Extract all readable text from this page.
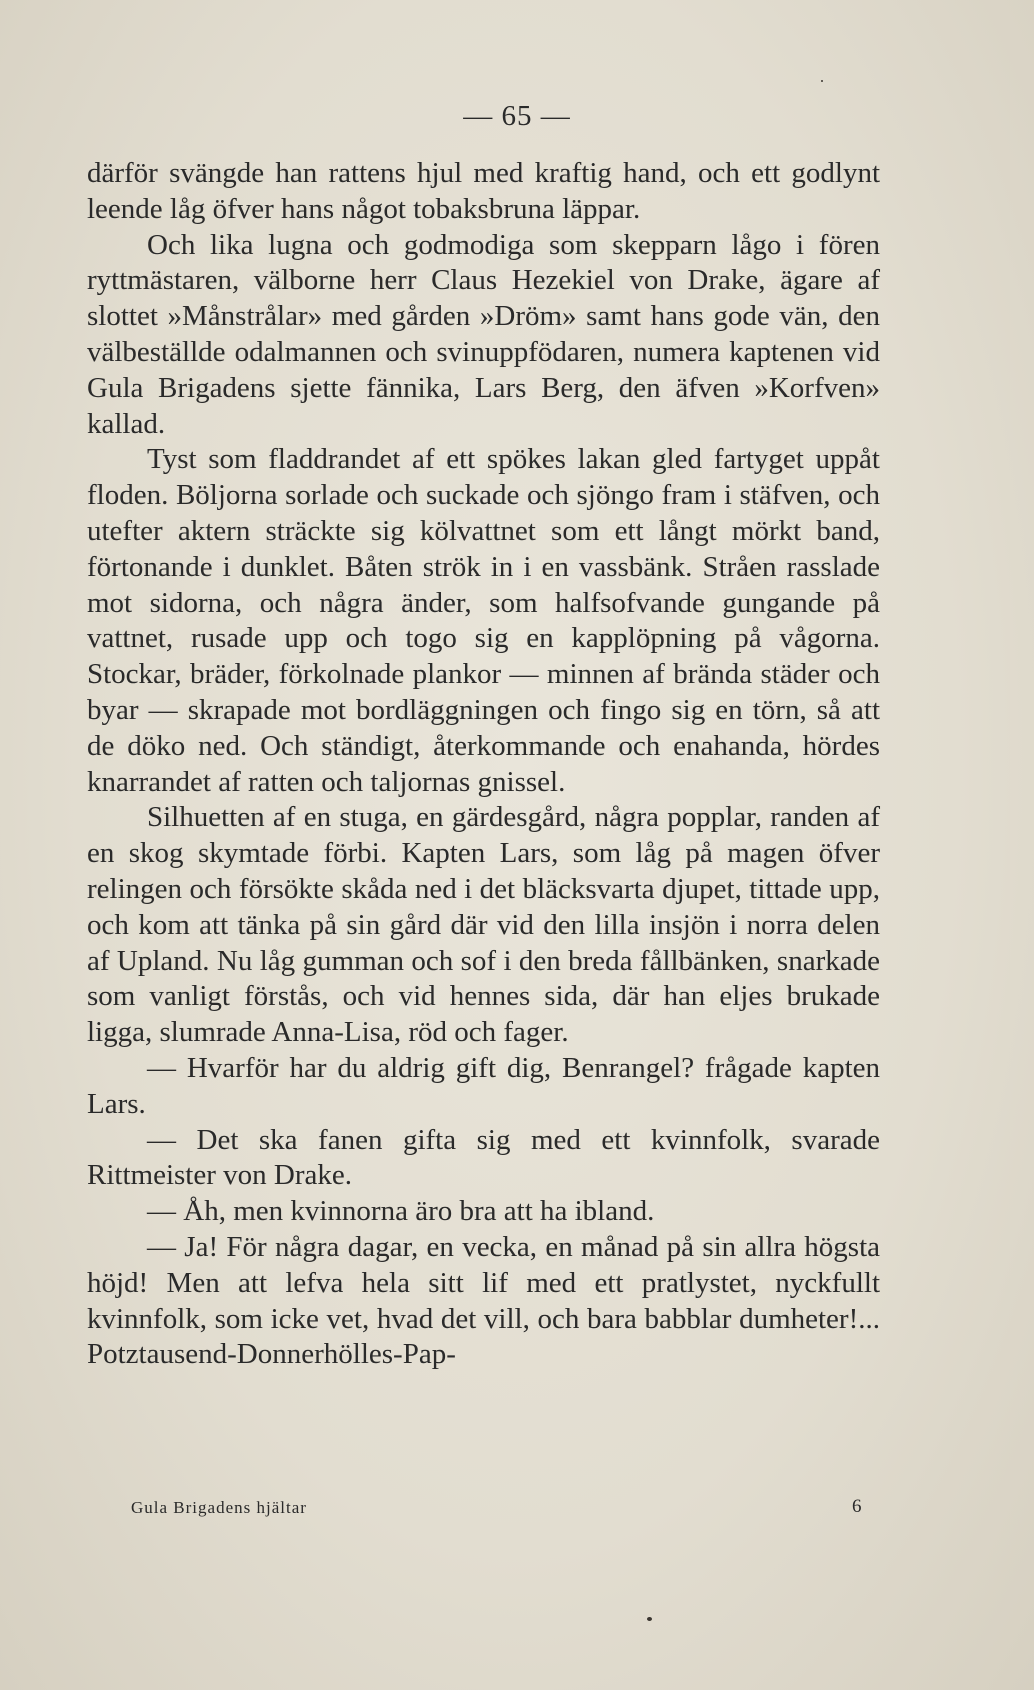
— 65 —

därför svängde han rattens hjul med kraftig hand, och ett godlynt leende låg öfver hans något tobaksbruna läppar.

Och lika lugna och godmodiga som skepparn lågo i fören ryttmästaren, välborne herr Claus Hezekiel von Drake, ägare af slottet »Månstrålar» med gården »Dröm» samt hans gode vän, den välbeställde odalmannen och svinuppfödaren, numera kaptenen vid Gula Brigadens sjette fännika, Lars Berg, den äfven »Korfven» kallad.

Tyst som fladdrandet af ett spökes lakan gled fartyget uppåt floden. Böljorna sorlade och suckade och sjöngo fram i stäfven, och utefter aktern sträckte sig kölvattnet som ett långt mörkt band, förtonande i dunklet. Båten strök in i en vassbänk. Stråen rasslade mot sidorna, och några änder, som halfsofvande gungande på vattnet, rusade upp och togo sig en kapplöpning på vågorna. Stockar, bräder, förkolnade plankor — minnen af brända städer och byar — skrapade mot bordläggningen och fingo sig en törn, så att de döko ned. Och ständigt, återkommande och enahanda, hördes knarrandet af ratten och taljornas gnissel.

Silhuetten af en stuga, en gärdesgård, några popplar, randen af en skog skymtade förbi. Kapten Lars, som låg på magen öfver relingen och försökte skåda ned i det bläcksvarta djupet, tittade upp, och kom att tänka på sin gård där vid den lilla insjön i norra delen af Upland. Nu låg gumman och sof i den breda fållbänken, snarkade som vanligt förstås, och vid hennes sida, där han eljes brukade ligga, slumrade Anna-Lisa, röd och fager.

— Hvarför har du aldrig gift dig, Benrangel? frågade kapten Lars.

— Det ska fanen gifta sig med ett kvinnfolk, svarade Rittmeister von Drake.

— Åh, men kvinnorna äro bra att ha ibland.

— Ja! För några dagar, en vecka, en månad på sin allra högsta höjd! Men att lefva hela sitt lif med ett pratlystet, nyckfullt kvinnfolk, som icke vet, hvad det vill, och bara babblar dumheter!... Potztausend-Donnerhölles-Pap-

Gula Brigadens hjältar	6
